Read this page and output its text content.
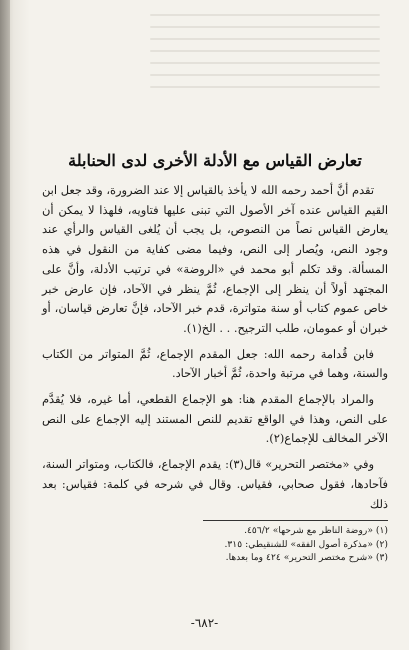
تعارض القياس مع الأدلة الأخرى لدى الحنابلة

تقدم أنَّ أحمد رحمه الله لا يأخذ بالقياس إلا عند الضرورة، وقد جعل ابن القيم القياس عنده آخر الأصول التي تبنى عليها فتاويه، فلهذا لا يمكن أن يعارض القياس نصاً من النصوص، بل يجب أن يُلغى القياس والرأي عند وجود النص، ويُصار إلى النص، وفيما مضى كفاية من النقول في هذه المسألة. وقد تكلم أبو محمد في «الروضة» في ترتيب الأدلة، وأنَّ على المجتهد أولاً أن ينظر إلى الإجماع، ثُمَّ ينظر في الآحاد، فإن عارض خبر خاص عموم كتاب أو سنة متواترة، قدم خبر الآحاد، فإنَّ تعارض قياسان، أو خبران أو عمومان، طلب الترجيح. . . الخ(١).

فابن قُدامة رحمه الله: جعل المقدم الإجماع، ثُمَّ المتواتر من الكتاب والسنة، وهما في مرتبة واحدة، ثُمَّ أخبار الآحاد.

والمراد بالإجماع المقدم هنا: هو الإجماع القطعي، أما غيره، فلا يُقدَّم على النص، وهذا في الواقع تقديم للنص المستند إليه الإجماع على النص الآخر المخالف للإجماع(٢).

وفي «مختصر التحرير» قال(٣): يقدم الإجماع، فالكتاب، ومتواتر السنة، فآحادها، فقول صحابي، فقياس. وقال في شرحه في كلمة: فقياس: بعد ذلك

(١) «روضة الناظر مع شرحها» ٤٥٦/٢.

(٢) «مذكرة أصول الفقه» للشنقيطي: ٣١٥.

(٣) «شرح مختصر التحرير» ٤٢٤ وما بعدها.

-٦٨٢-
